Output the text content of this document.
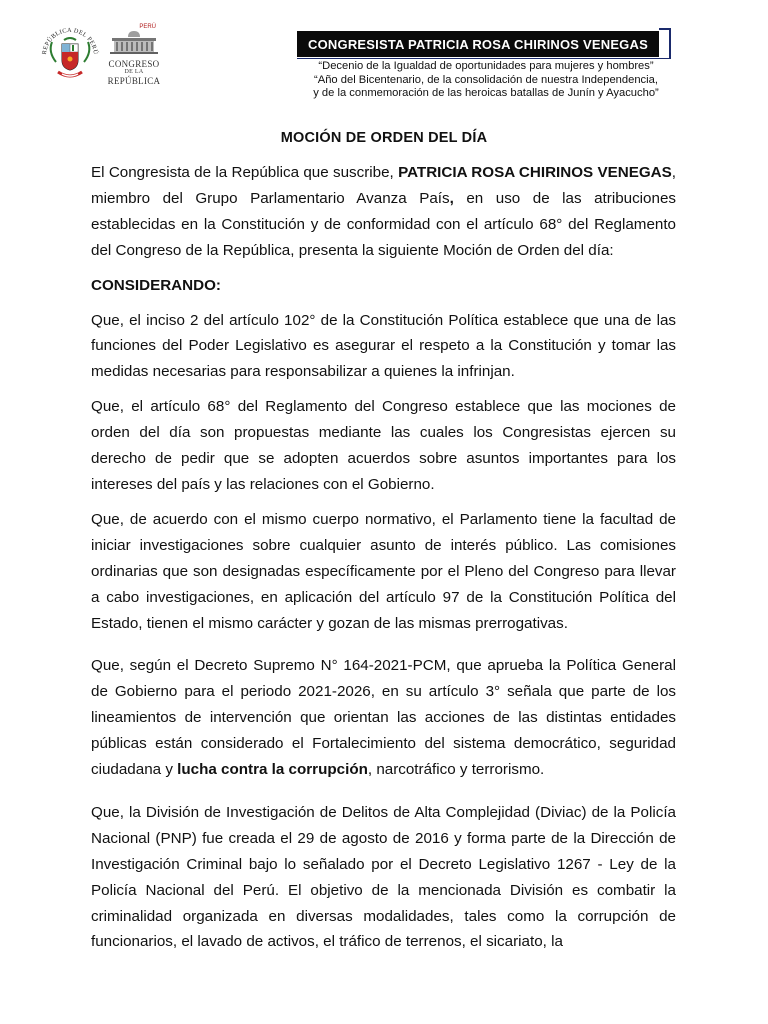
REPÚBLICA DEL PERÚ
PERÚ
CONGRESO
DE LA
REPÚBLICA
CONGRESISTA PATRICIA ROSA CHIRINOS VENEGAS
“Decenio de la Igualdad de oportunidades para mujeres y hombres”
“Año del Bicentenario, de la consolidación de nuestra Independencia,
y de la conmemoración de las heroicas batallas de Junín y Ayacucho”
MOCIÓN DE ORDEN DEL DÍA

El Congresista de la República que suscribe, PATRICIA ROSA CHIRINOS VENEGAS, miembro del Grupo Parlamentario Avanza País, en uso de las atribuciones establecidas en la Constitución y de conformidad con el artículo 68° del Reglamento del Congreso de la República, presenta la siguiente Moción de Orden del día:

CONSIDERANDO:

Que, el inciso 2 del artículo 102° de la Constitución Política establece que una de las funciones del Poder Legislativo es asegurar el respeto a la Constitución y tomar las medidas necesarias para responsabilizar a quienes la infrinjan.

Que, el artículo 68° del Reglamento del Congreso establece que las mociones de orden del día son propuestas mediante las cuales los Congresistas ejercen su derecho de pedir que se adopten acuerdos sobre asuntos importantes para los intereses del país y las relaciones con el Gobierno.

Que, de acuerdo con el mismo cuerpo normativo, el Parlamento tiene la facultad de iniciar investigaciones sobre cualquier asunto de interés público. Las comisiones ordinarias que son designadas específicamente por el Pleno del Congreso para llevar a cabo investigaciones, en aplicación del artículo 97 de la Constitución Política del Estado, tienen el mismo carácter y gozan de las mismas prerrogativas.

Que, según el Decreto Supremo N° 164-2021-PCM, que aprueba la Política General de Gobierno para el periodo 2021-2026, en su artículo 3° señala que parte de los lineamientos de intervención que orientan las acciones de las distintas entidades públicas están considerado el Fortalecimiento del sistema democrático, seguridad ciudadana y lucha contra la corrupción, narcotráfico y terrorismo.

Que, la División de Investigación de Delitos de Alta Complejidad (Diviac) de la Policía Nacional (PNP) fue creada el 29 de agosto de 2016 y forma parte de la Dirección de Investigación Criminal bajo lo señalado por el Decreto Legislativo 1267 - Ley de la Policía Nacional del Perú. El objetivo de la mencionada División es combatir la criminalidad organizada en diversas modalidades, tales como la corrupción de funcionarios, el lavado de activos, el tráfico de terrenos, el sicariato, la
